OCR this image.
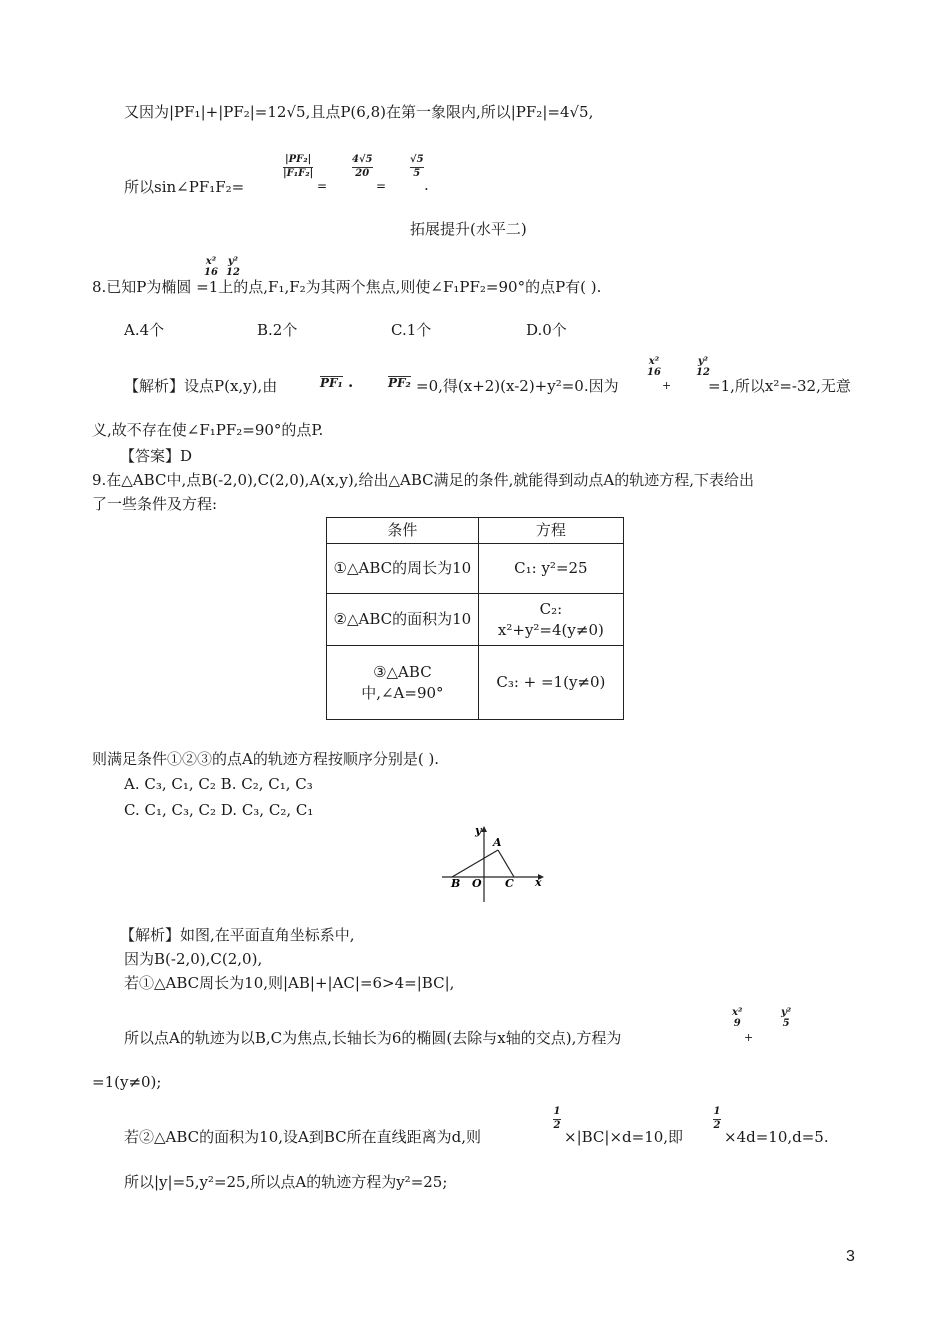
又因为|PF₁|+|PF₂|=12√5,且点P(6,8)在第一象限内,所以|PF₂|=4√5,
所以sin∠PF₁F₂=
|PF₂|
|F₁F₂|
=
4√5
20
=
√5
5
.
拓展提升(水平二)
x²
16
y²
12
8.已知P为椭圆 =1上的点,F₁,F₂为其两个焦点,则使∠F₁PF₂=90°的点P有( ).
A.4个	B.2个	C.1个	D.0个
【解析】设点P(x,y),由	PF₁ ·	PF₂ =0,得(x+2)(x-2)+y²=0.因为
x²
16
+
y²
12
=1,所以x²=-32,无意
义,故不存在使∠F₁PF₂=90°的点P.
【答案】D
9.在△ABC中,点B(-2,0),C(2,0),A(x,y),给出△ABC满足的条件,就能得到动点A的轨迹方程,下表给出
了一些条件及方程:
条件	方程
①△ABC的周长为10	C₁: y²=25
②△ABC的面积为10	C₂: x²+y²=4(y≠0)
③△ABC中,∠A=90°	C₃: + =1(y≠0)
则满足条件①②③的点A的轨迹方程按顺序分别是( ).
A. C₃, C₁, C₂ B. C₂, C₁, C₃
C. C₁, C₃, C₂ D. C₃, C₂, C₁
y
x
A
B O C
【解析】如图,在平面直角坐标系中,
因为B(-2,0),C(2,0),
若①△ABC周长为10,则|AB|+|AC|=6>4=|BC|,
x²
9
+
y²
5
所以点A的轨迹为以B,C为焦点,长轴长为6的椭圆(去除与x轴的交点),方程为
=1(y≠0);
1
2
1
2
若②△ABC的面积为10,设A到BC所在直线距离为d,则	×|BC|×d=10,即	×4d=10,d=5.
所以|y|=5,y²=25,所以点A的轨迹方程为y²=25;
3
